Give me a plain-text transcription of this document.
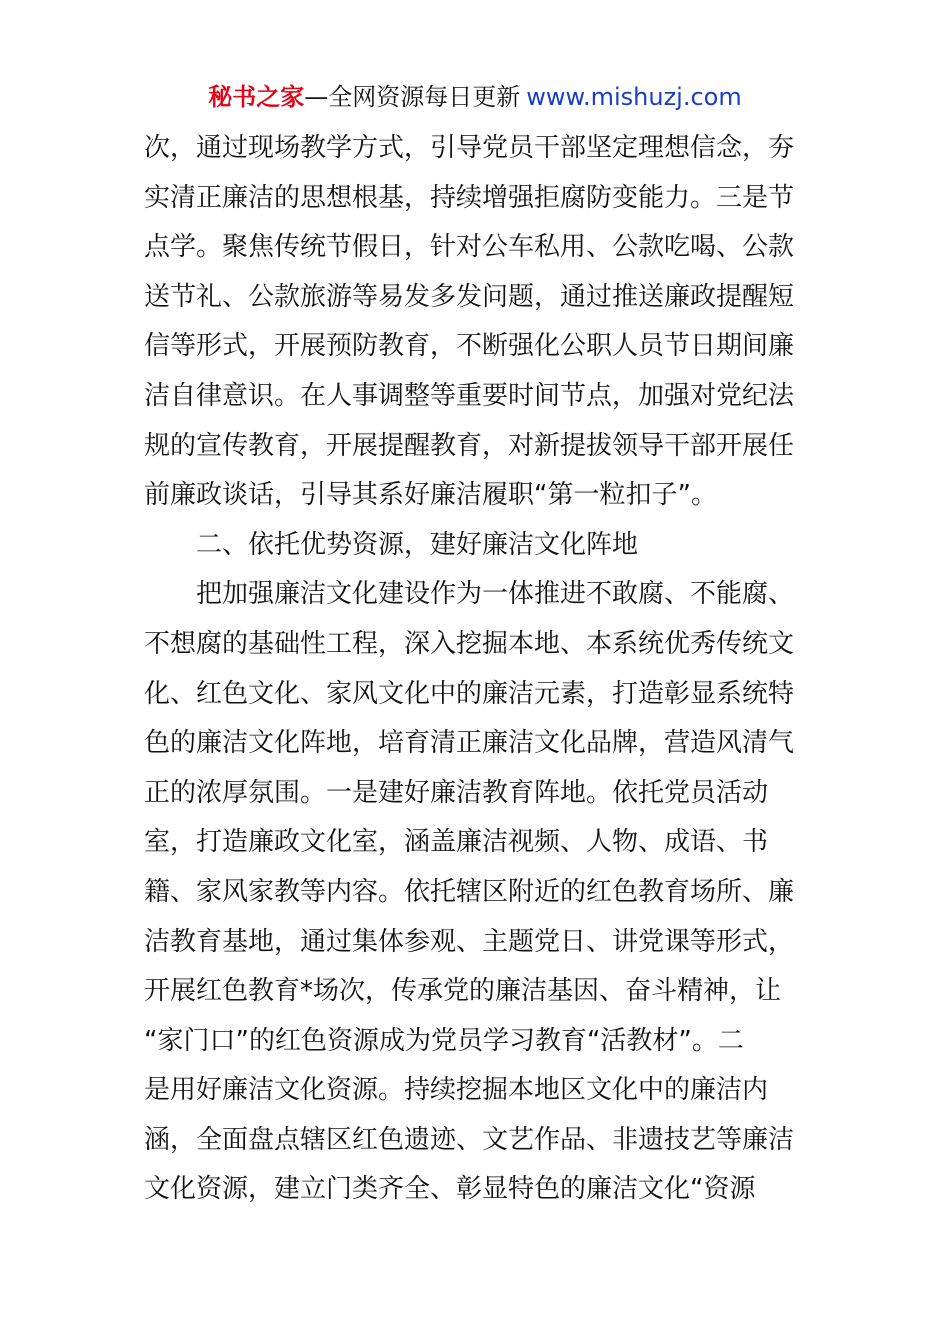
秘书之家—全网资源每日更新 www.mishuzj.com
次，通过现场教学方式，引导党员干部坚定理想信念，夯
实清正廉洁的思想根基，持续增强拒腐防变能力。三是节
点学。聚焦传统节假日，针对公车私用、公款吃喝、公款
送节礼、公款旅游等易发多发问题，通过推送廉政提醒短
信等形式，开展预防教育，不断强化公职人员节日期间廉
洁自律意识。在人事调整等重要时间节点，加强对党纪法
规的宣传教育，开展提醒教育，对新提拔领导干部开展任
前廉政谈话，引导其系好廉洁履职“第一粒扣子”。
二、依托优势资源，建好廉洁文化阵地
把加强廉洁文化建设作为一体推进不敢腐、不能腐、
不想腐的基础性工程，深入挖掘本地、本系统优秀传统文
化、红色文化、家风文化中的廉洁元素，打造彰显系统特
色的廉洁文化阵地，培育清正廉洁文化品牌，营造风清气
正的浓厚氛围。一是建好廉洁教育阵地。依托党员活动
室，打造廉政文化室，涵盖廉洁视频、人物、成语、书
籍、家风家教等内容。依托辖区附近的红色教育场所、廉
洁教育基地，通过集体参观、主题党日、讲党课等形式，
开展红色教育*场次，传承党的廉洁基因、奋斗精神，让
“家门口”的红色资源成为党员学习教育“活教材”。二
是用好廉洁文化资源。持续挖掘本地区文化中的廉洁内
涵，全面盘点辖区红色遗迹、文艺作品、非遗技艺等廉洁
文化资源，建立门类齐全、彰显特色的廉洁文化“资源
